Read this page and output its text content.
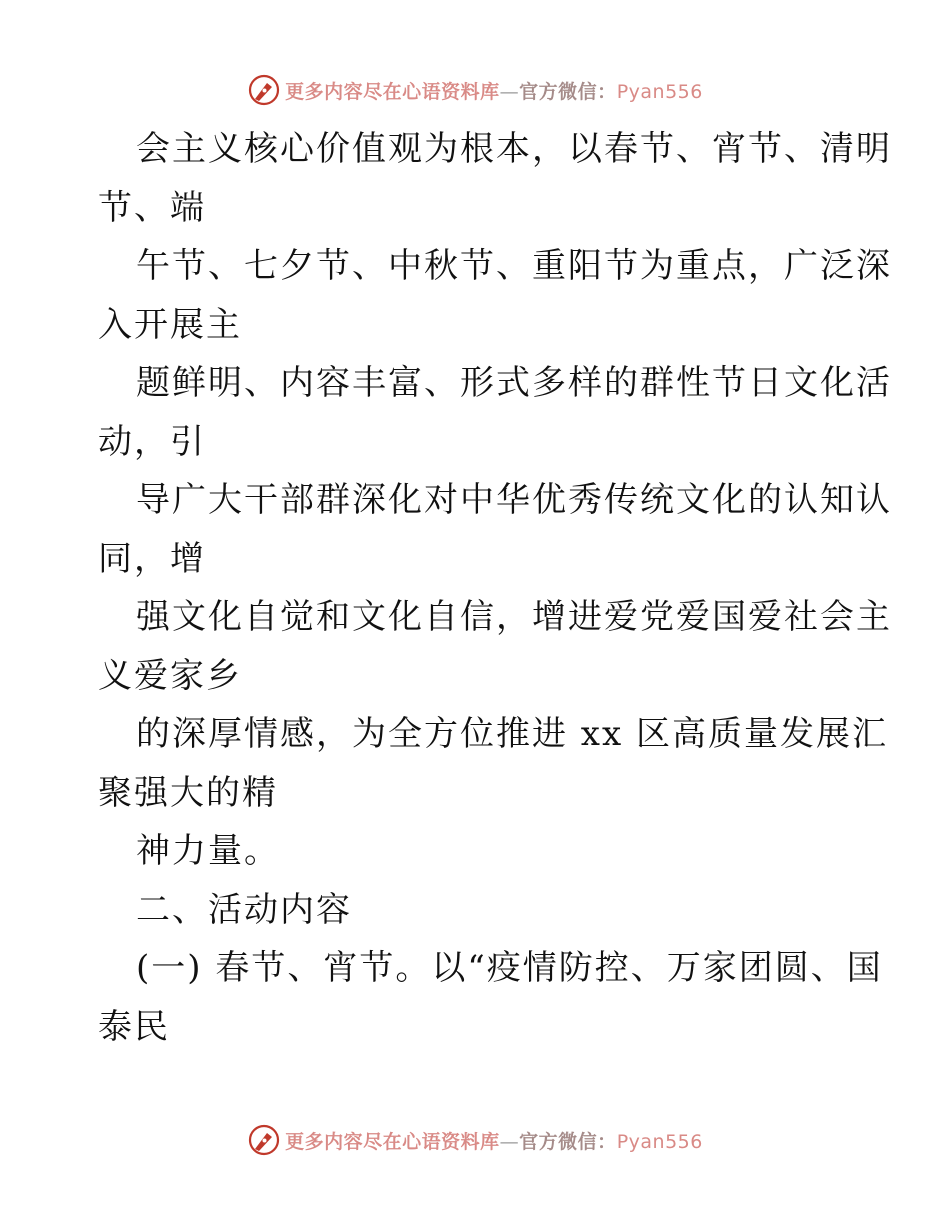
更多内容尽在心语资料库—官方微信：Pyan556
会主义核心价值观为根本，以春节、宵节、清明
节、端
午节、七夕节、中秋节、重阳节为重点，广泛深
入开展主
题鲜明、内容丰富、形式多样的群性节日文化活
动，引
导广大干部群深化对中华优秀传统文化的认知认
同，增
强文化自觉和文化自信，增进爱党爱国爱社会主
义爱家乡
的深厚情感，为全方位推进 xx 区高质量发展汇
聚强大的精
神力量。
二、活动内容
(一) 春节、宵节。以“疫情防控、万家团圆、国
泰民
更多内容尽在心语资料库—官方微信：Pyan556
